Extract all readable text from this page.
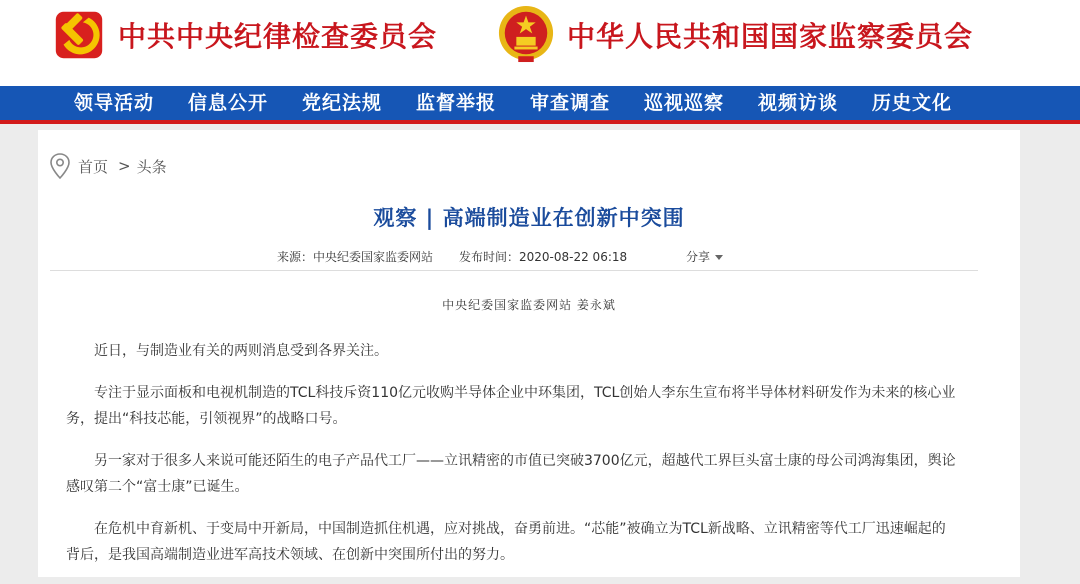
中共中央纪律检查委员会	中华人民共和国国家监察委员会
领导活动 信息公开 党纪法规 监督举报 审查调查 巡视巡察 视频访谈 历史文化
首页 > 头条
观察 | 高端制造业在创新中突围
来源：中央纪委国家监委网站 发布时间：2020-08-22 06:18	分享
中央纪委国家监委网站 姜永斌

近日，与制造业有关的两则消息受到各界关注。

专注于显示面板和电视机制造的TCL科技斥资110亿元收购半导体企业中环集团，TCL创始人李东生宣布将半导体材料研发作为未来的核心业务，提出“科技芯能，引领视界”的战略口号。

另一家对于很多人来说可能还陌生的电子产品代工厂——立讯精密的市值已突破3700亿元，超越代工界巨头富士康的母公司鸿海集团，舆论感叹第二个“富士康”已诞生。

在危机中育新机、于变局中开新局，中国制造抓住机遇，应对挑战，奋勇前进。“芯能”被确立为TCL新战略、立讯精密等代工厂迅速崛起的背后，是我国高端制造业进军高技术领域、在创新中突围所付出的努力。
